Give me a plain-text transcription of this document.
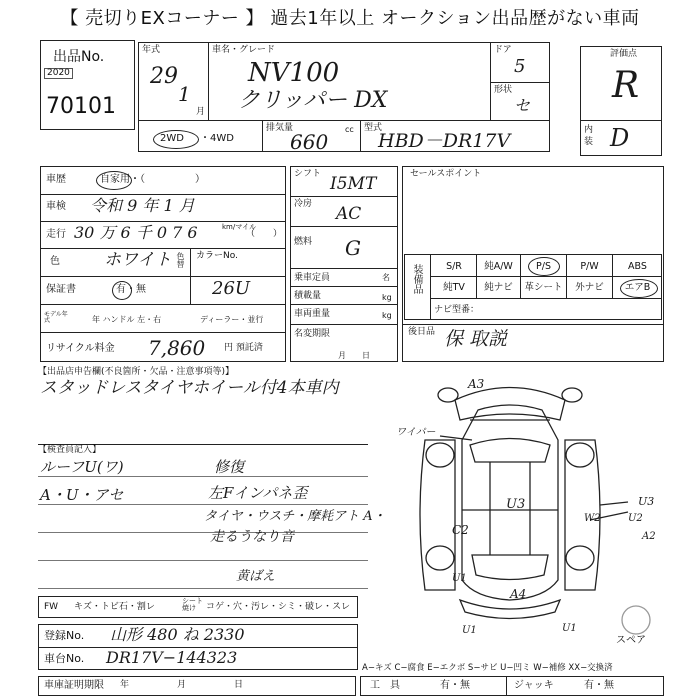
【 売切りEXコーナー 】 過去1年以上 オークション出品歴がない車両
出品No.
2020
70101
年式
29
1
月
車名・グレード
NV100
クリッパー DX
ドア
5
形状
セ
2WD ・4WD
排気量	cc
660
型式
HBD－DR17V
評価点
R
内
装 D
車歴	自家用・（　　　　　）
車検 令和 9 年 1 月
走行 30 万 6 千 0 7 6	km/マイル
（　　）
色	ホワイト 色替 カラーNo.
26U
保証書	有・無
モデル年式	年 ハンドル 左・右	ディーラー・並行
リサイクル料金 7,860 円 預託済
シフト I5MT
冷房 AC
燃料 G
乗車定員	名
積載量	kg
車両重量	kg
名変期限
月　　日
セールスポイント
装備品	S/R	純A/W	P/S	P/W	ABS
純TV	純ナビ	革シート	外ナビ	エアB
ナビ型番：
後日品 保 取説
【出品店申告欄(不良箇所・欠品・注意事項等)】
スタッドレスタイヤホイール付4本車内
【検査員記入】
ルーフU(ワ)
A・U・アセ
修復
左Fインパネ歪
タイヤ・ウスチ・摩耗アト A・
走るうなり音
黄ばえ
FW キズ・トビ石・割レ
シート焼け	コゲ・穴・汚レ・シミ・破レ・スレ
A3
ワイパー
U3	U3
W2	U2
C2	A2
U1
A4
U1	U1
スペア
登録No. 山形 480 ね 2330
車台No. DR17V−144323
A−キズ C−腐食 E−エクボ S−サビ U−凹ミ W−補修 XX−交換済
車庫証明期限 年　　月　　日	工　具	有・無	ジャッキ	有・無
